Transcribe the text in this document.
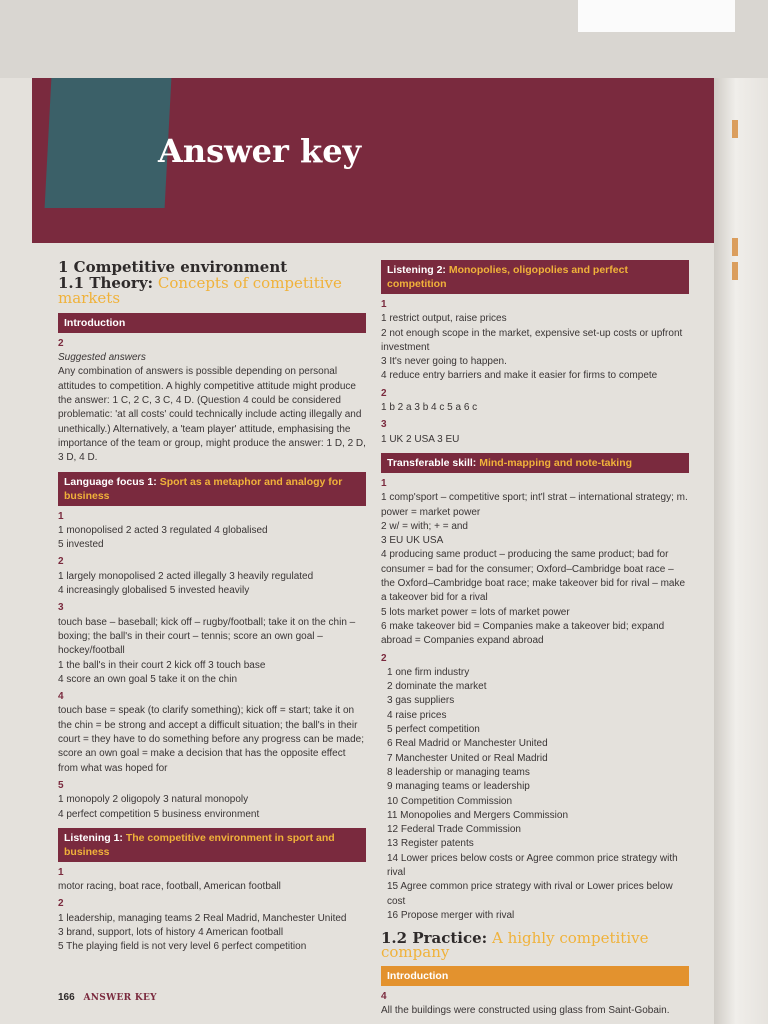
Answer key
1 Competitive environment
1.1 Theory: Concepts of competitive markets
Introduction
2
Suggested answers
Any combination of answers is possible depending on personal attitudes to competition. A highly competitive attitude might produce the answer: 1 C, 2 C, 3 C, 4 D. (Question 4 could be considered problematic: 'at all costs' could technically include acting illegally and unethically.) Alternatively, a 'team player' attitude, emphasising the importance of the team or group, might produce the answer: 1 D, 2 D, 3 D, 4 D.
Language focus 1: Sport as a metaphor and analogy for business
1
1 monopolised 2 acted 3 regulated 4 globalised
5 invested
2
1 largely monopolised 2 acted illegally 3 heavily regulated
4 increasingly globalised 5 invested heavily
3
touch base – baseball; kick off – rugby/football; take it on the chin – boxing; the ball's in their court – tennis; score an own goal – hockey/football
1 the ball's in their court 2 kick off 3 touch base
4 score an own goal 5 take it on the chin
4
touch base = speak (to clarify something); kick off = start; take it on the chin = be strong and accept a difficult situation; the ball's in their court = they have to do something before any progress can be made; score an own goal = make a decision that has the opposite effect from what was hoped for
5
1 monopoly 2 oligopoly 3 natural monopoly
4 perfect competition 5 business environment
Listening 1: The competitive environment in sport and business
1
motor racing, boat race, football, American football
2
1 leadership, managing teams 2 Real Madrid, Manchester United
3 brand, support, lots of history 4 American football
5 The playing field is not very level 6 perfect competition
Listening 2: Monopolies, oligopolies and perfect competition
1
1 restrict output, raise prices
2 not enough scope in the market, expensive set-up costs or upfront investment
3 It's never going to happen.
4 reduce entry barriers and make it easier for firms to compete
2
1 b 2 a 3 b 4 c 5 a 6 c
3
1 UK 2 USA 3 EU
Transferable skill: Mind-mapping and note-taking
1
1 comp'sport – competitive sport; int'l strat – international strategy; m. power = market power
2 w/ = with; + = and
3 EU UK USA
4 producing same product – producing the same product; bad for consumer = bad for the consumer; Oxford–Cambridge boat race – the Oxford–Cambridge boat race; make takeover bid for rival – make a takeover bid for a rival
5 lots market power = lots of market power
6 make takeover bid = Companies make a takeover bid; expand abroad = Companies expand abroad
2
1 one firm industry
2 dominate the market
3 gas suppliers
4 raise prices
5 perfect competition
6 Real Madrid or Manchester United
7 Manchester United or Real Madrid
8 leadership or managing teams
9 managing teams or leadership
10 Competition Commission
11 Monopolies and Mergers Commission
12 Federal Trade Commission
13 Register patents
14 Lower prices below costs or Agree common price strategy with rival
15 Agree common price strategy with rival or Lower prices below cost
16 Propose merger with rival
1.2 Practice: A highly competitive company
Introduction
4
All the buildings were constructed using glass from Saint-Gobain.
166 ANSWER KEY
